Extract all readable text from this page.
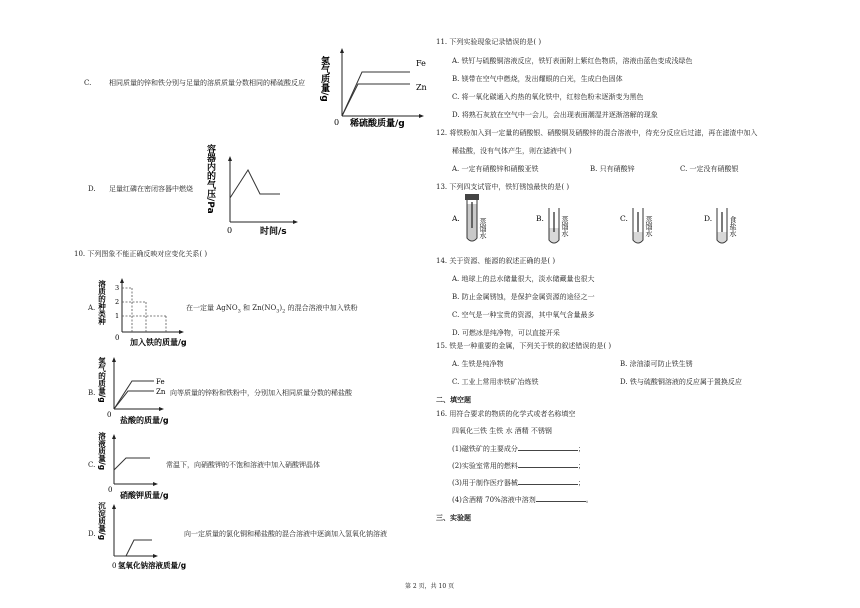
C.	相同质量的锌和铁分别与足量的溶质质量分数相同的稀硫酸反应 氢气质量/g	Fe
Zn
0 稀硫酸质量/g
D. 足量红磷在密闭容器中燃烧 容器内的气压/Pa
0	时间/s
10. 下列图象不能正确反映对应变化关系( )
A.	在一定量 AgNO$_3$ 和 $Zn(NO_3)_2$ 的混合溶液中加入铁粉
溶质的种类种 3
2
1
0 加入铁的质量/g
B.	向等质量的锌粉和铁粉中，分别加入相同质量分数的稀盐酸
氢气的质量/g	Fe
Zn
0
盐酸的质量/g
C.	常温下，向硝酸钾的不饱和溶液中加入硝酸钾晶体
溶液质量/g
0
硝酸钾质量/g
D.	向一定质量的氯化铜和稀盐酸的混合溶液中逐滴加入氢氧化钠溶液
沉淀质量/g
0 氢氧化钠溶液质量/g
11. 下列实验现象记录错误的是( )
A. 铁钉与硫酸铜溶液反应，铁钉表面附上紫红色物质，溶液由蓝色变成浅绿色
B. 镁带在空气中燃烧，发出耀眼的白光，生成白色固体
C. 将一氧化碳通入灼热的氧化铁中，红棕色粉末逐渐变为黑色
D. 将熟石灰放在空气中一会儿，会出现表面潮湿并逐渐溶解的现象
12. 将铁粉加入到一定量的硝酸银、硝酸铜及硝酸锌的混合溶液中，待充分反应后过滤，再在滤渣中加入
稀盐酸，没有气体产生，则在滤液中( )
A. 一定有硝酸锌和硝酸亚铁	B. 只有硝酸锌	C. 一定没有硝酸银
13. 下列四支试管中，铁钉锈蚀最快的是( )
A.	蒸馏水	B. 蒸馏水	C. 蒸馏水	D. 食盐水
14. 关于资源、能源的叙述正确的是( )
A. 地球上的总水储量很大，淡水储藏量也很大
B. 防止金属锈蚀，是保护金属资源的途径之一
C. 空气是一种宝贵的资源，其中氧气含量最多
D. 可燃冰是纯净物，可以直接开采
15. 铁是一种重要的金属，下列关于铁的叙述错误的是( )
A. 生铁是纯净物	B. 涂油漆可防止铁生锈
C. 工业上常用赤铁矿冶炼铁	D. 铁与硫酸铜溶液的反应属于置换反应
二、填空题
16. 用符合要求的物质的化学式或者名称填空
四氧化三铁 生铁 水 酒精 不锈钢
(1)磁铁矿的主要成分	；
(2)实验室常用的燃料	；
(3)用于制作医疗器械	；
(4)含酒精 70%溶液中溶剂	。
三、实验题
第 2 页，共 10 页
